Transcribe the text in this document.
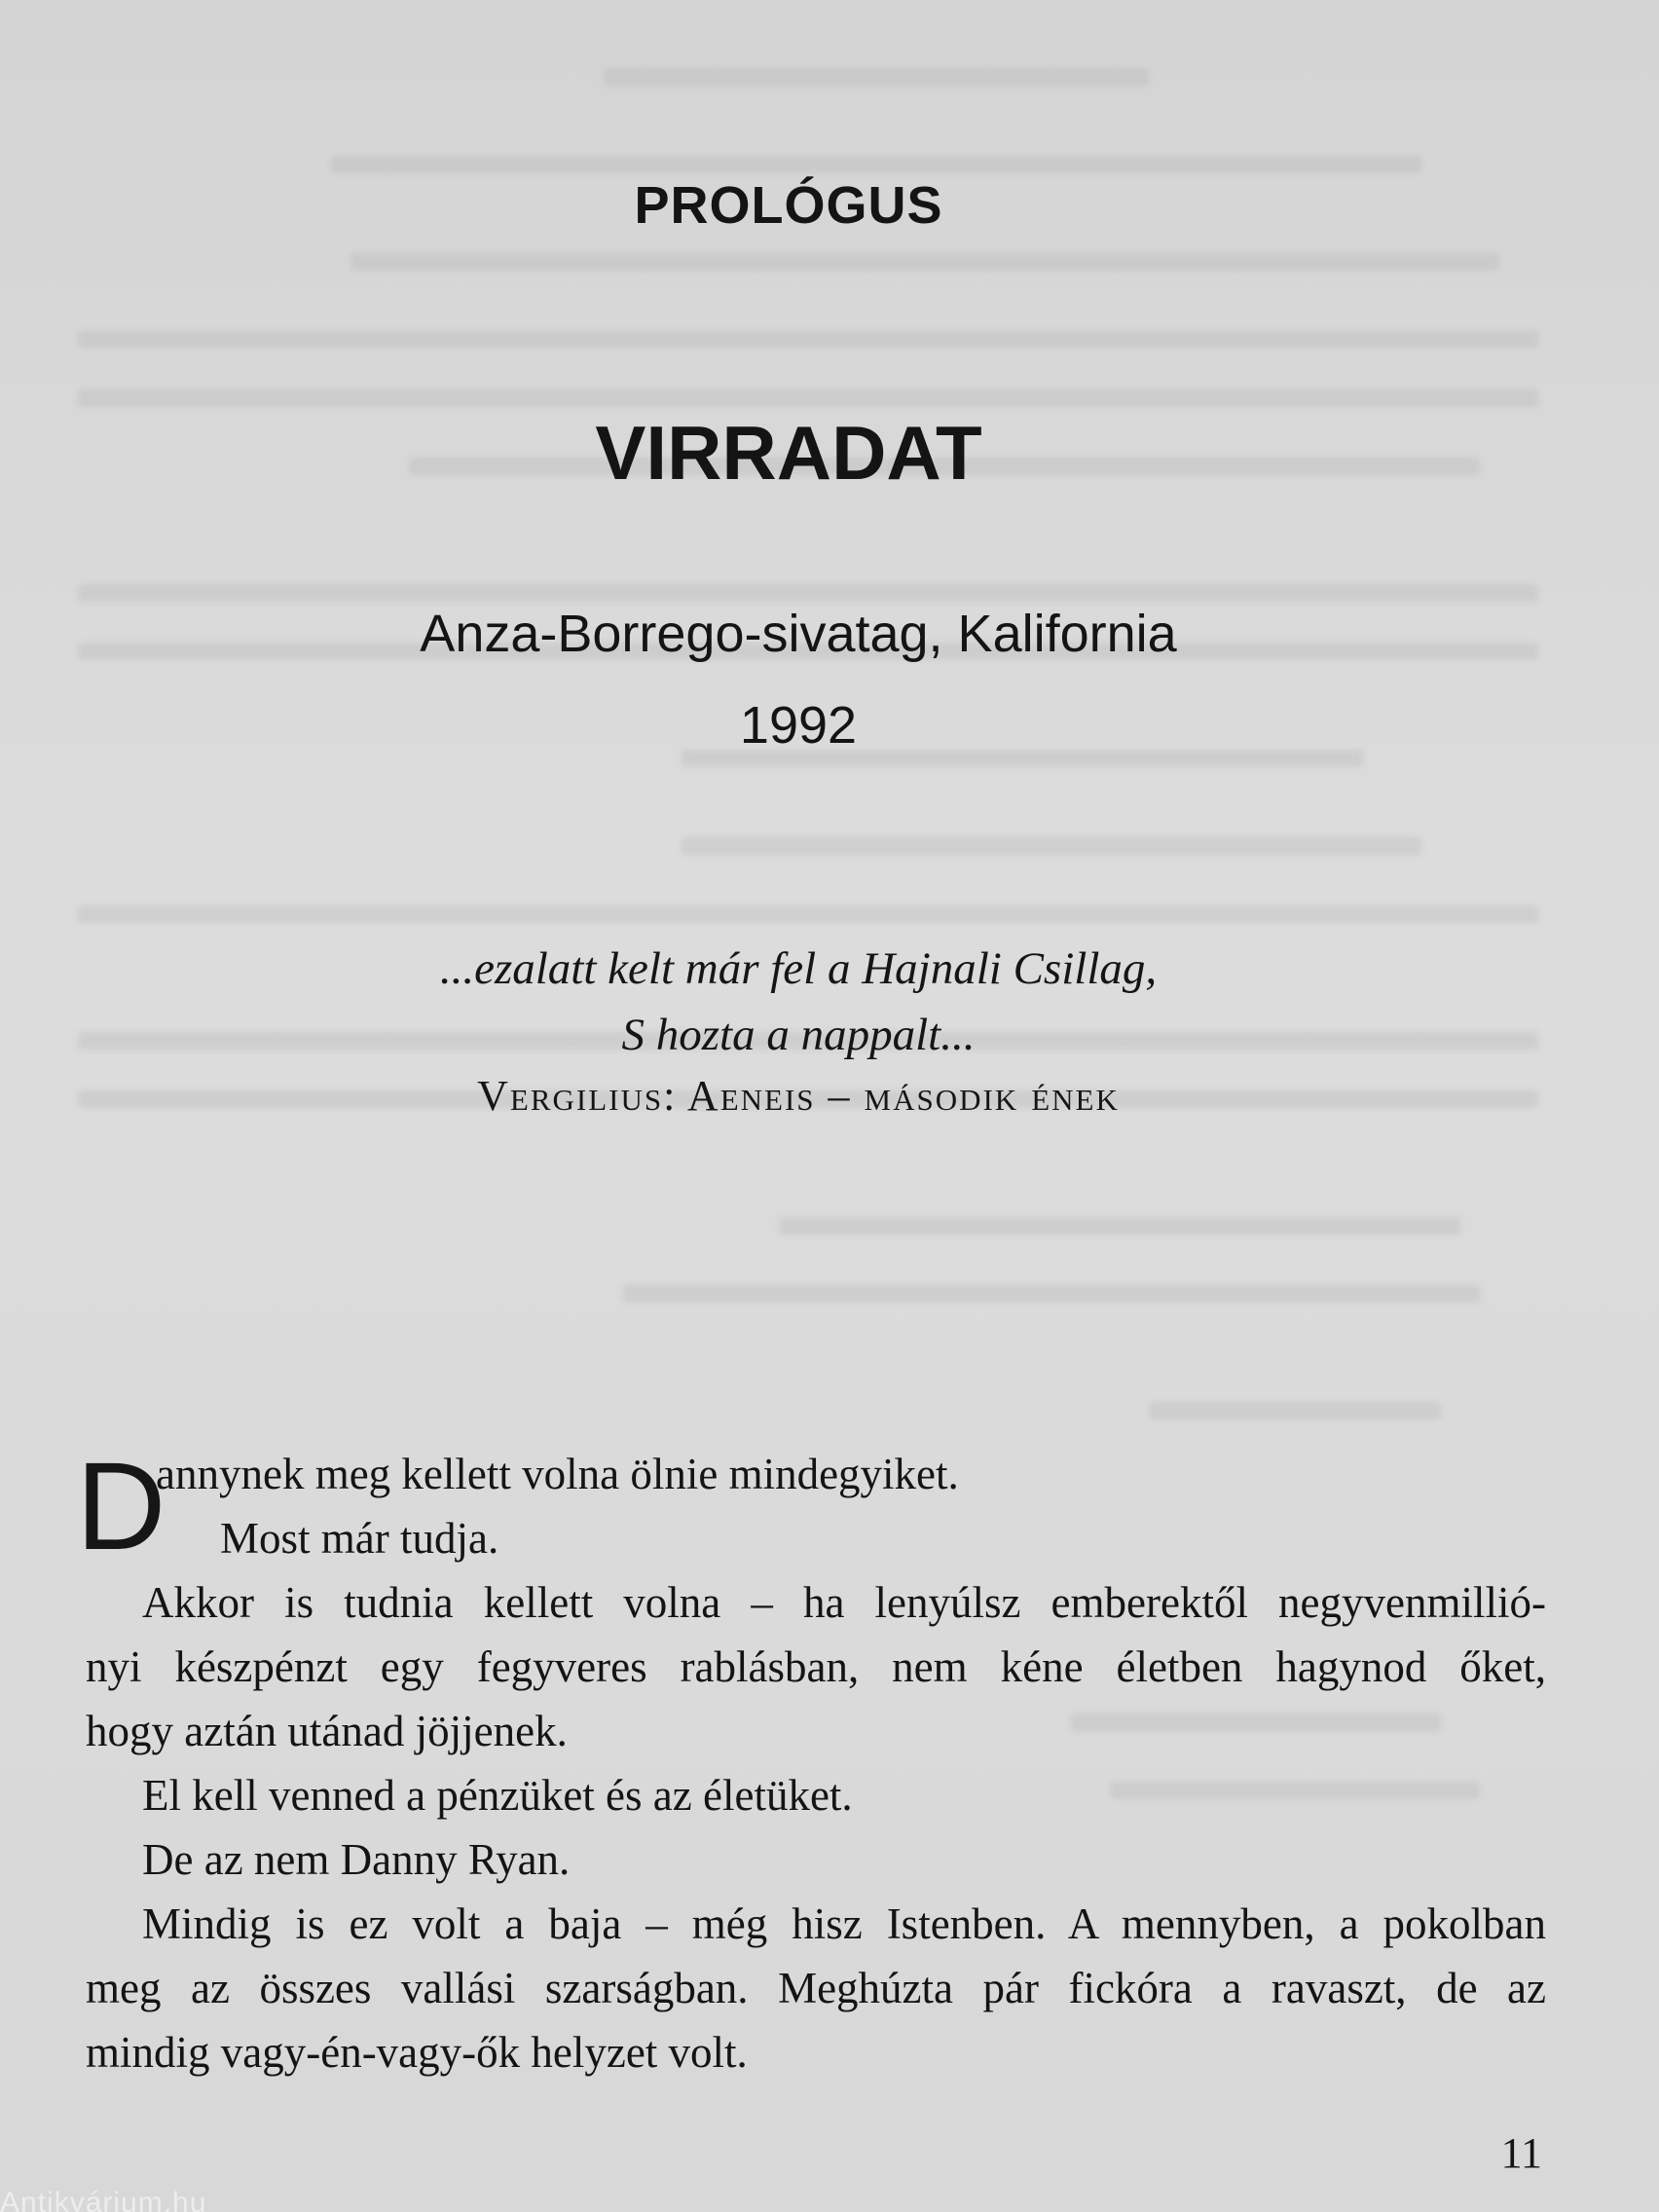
PROLÓGUS
VIRRADAT
Anza-Borrego-sivatag, Kalifornia
1992
...ezalatt kelt már fel a Hajnali Csillag,
S hozta a nappalt...
Vergilius: Aeneis – második ének
D
annynek meg kellett volna ölnie mindegyiket.
Most már tudja.
Akkor is tudnia kellett volna – ha lenyúlsz emberektől negyvenmillió-
nyi készpénzt egy fegyveres rablásban, nem kéne életben hagynod őket,
hogy aztán utánad jöjjenek.
El kell venned a pénzüket és az életüket.
De az nem Danny Ryan.
Mindig is ez volt a baja – még hisz Istenben. A mennyben, a pokolban
meg az összes vallási szarságban. Meghúzta pár fickóra a ravaszt, de az
mindig vagy-én-vagy-ők helyzet volt.
11
Antikvárium.hu
